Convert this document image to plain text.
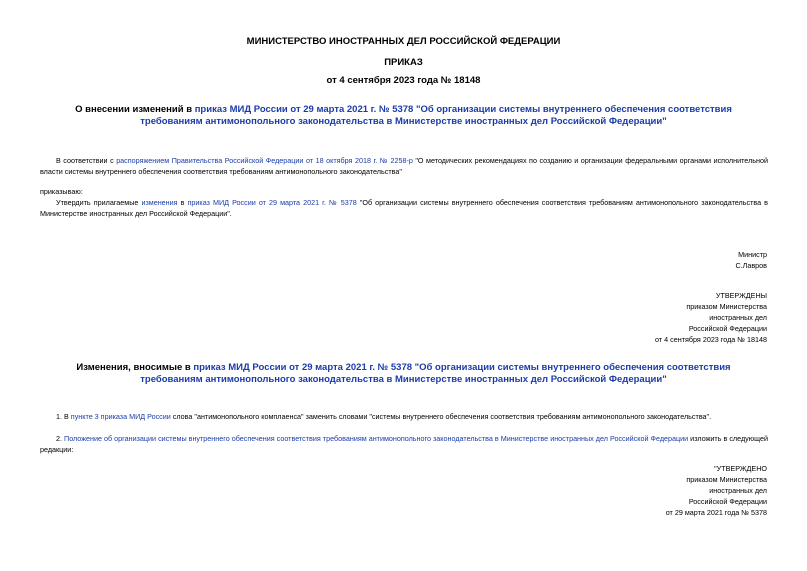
МИНИСТЕРСТВО ИНОСТРАННЫХ ДЕЛ РОССИЙСКОЙ ФЕДЕРАЦИИ
ПРИКАЗ
от 4 сентября 2023 года № 18148
О внесении изменений в приказ МИД России от 29 марта 2021 г. № 5378 "Об организации системы внутреннего обеспечения соответствия требованиям антимонопольного законодательства в Министерстве иностранных дел Российской Федерации"
В соответствии с распоряжением Правительства Российской Федерации от 18 октября 2018 г. № 2258-р "О методических рекомендациях по созданию и организации федеральными органами исполнительной власти системы внутреннего обеспечения соответствия требованиям антимонопольного законодательства"
приказываю:
Утвердить прилагаемые изменения в приказ МИД России от 29 марта 2021 г. № 5378 "Об организации системы внутреннего обеспечения соответствия требованиям антимонопольного законодательства в Министерстве иностранных дел Российской Федерации".
Министр
С.Лавров
УТВЕРЖДЕНЫ
приказом Министерства
иностранных дел
Российской Федерации
от 4 сентября 2023 года № 18148
Изменения, вносимые в приказ МИД России от 29 марта 2021 г. № 5378 "Об организации системы внутреннего обеспечения соответствия требованиям антимонопольного законодательства в Министерстве иностранных дел Российской Федерации"
1. В пункте 3 приказа МИД России слова "антимонопольного комплаенса" заменить словами "системы внутреннего обеспечения соответствия требованиям антимонопольного законодательства".
2. Положение об организации системы внутреннего обеспечения соответствия требованиям антимонопольного законодательства в Министерстве иностранных дел Российской Федерации изложить в следующей редакции:
"УТВЕРЖДЕНО
приказом Министерства
иностранных дел
Российской Федерации
от 29 марта 2021 года № 5378
